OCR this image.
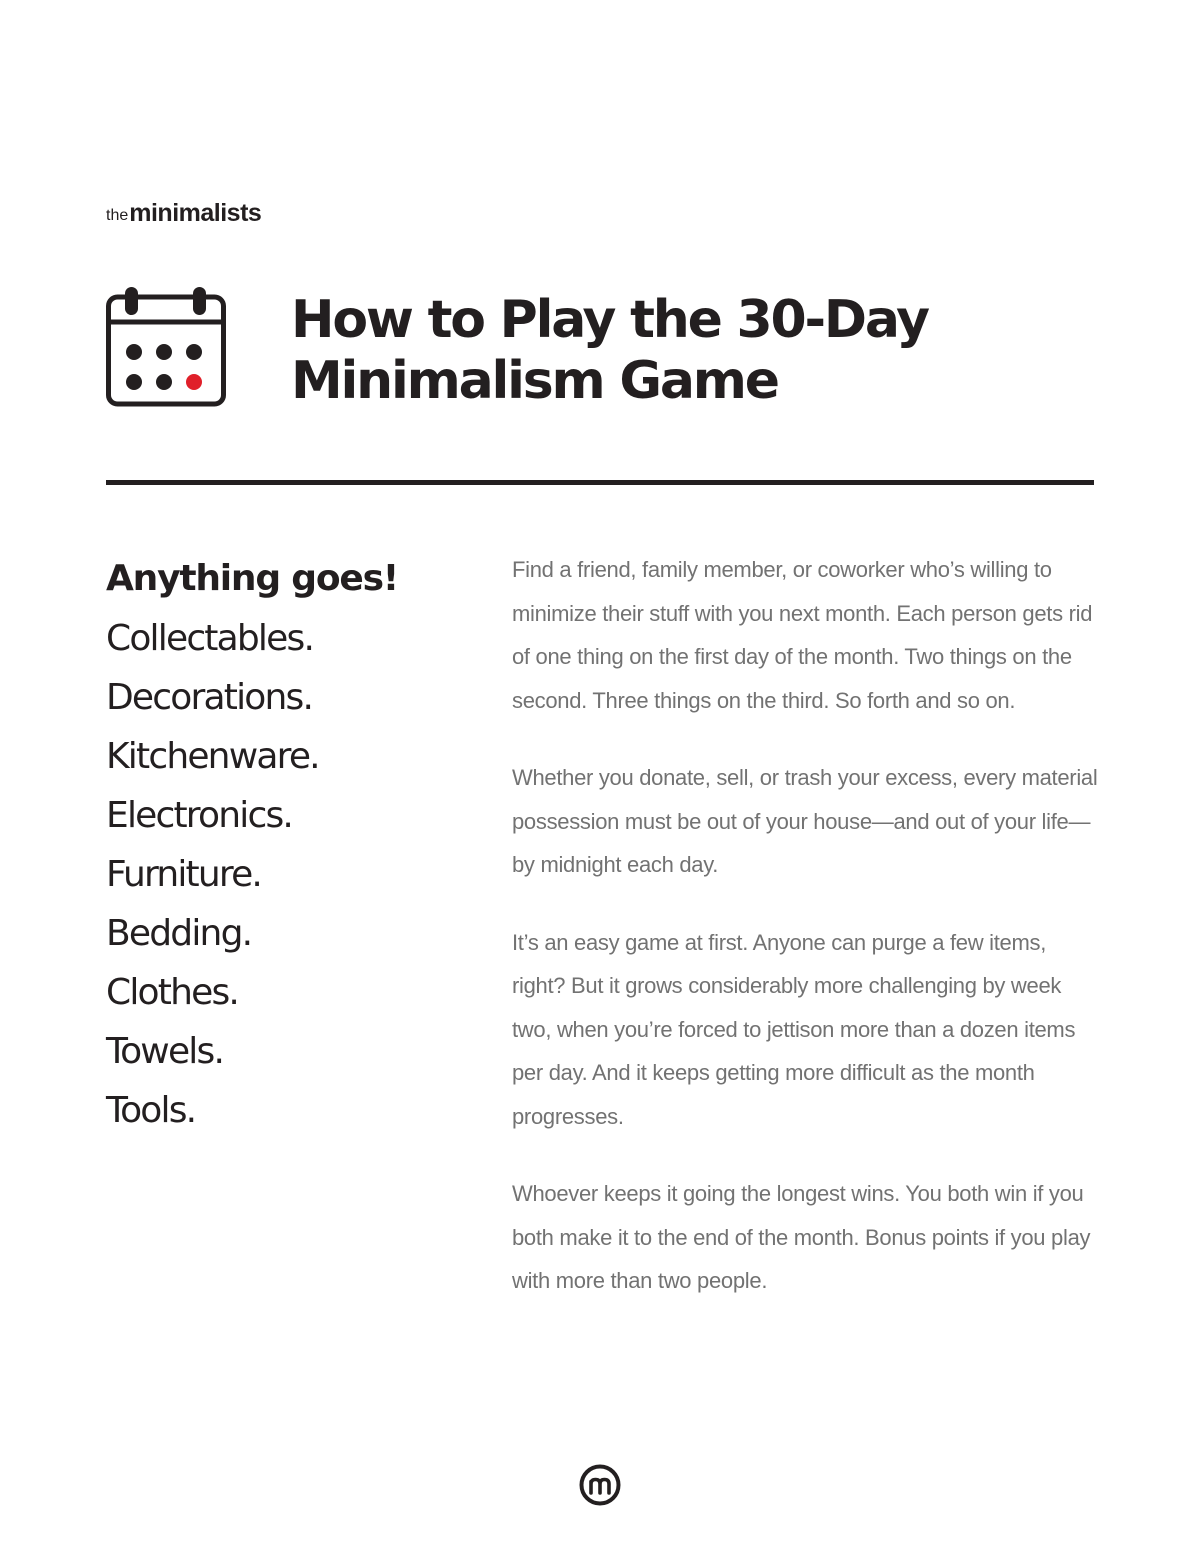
the minimalists
How to Play the 30-Day
Minimalism Game
Anything goes!
Collectables.
Decorations.
Kitchenware.
Electronics.
Furniture.
Bedding.
Clothes.
Towels.
Tools.

Find a friend, family member, or coworker who’s willing to minimize their stuff with you next month. Each person gets rid of one thing on the first day of the month. Two things on the second. Three things on the third. So forth and so on.

Whether you donate, sell, or trash your excess, every material possession must be out of your house—and out of your life—by midnight each day.

It’s an easy game at first. Anyone can purge a few items, right? But it grows considerably more challenging by week two, when you’re forced to jettison more than a dozen items per day. And it keeps getting more difficult as the month progresses.

Whoever keeps it going the longest wins. You both win if you both make it to the end of the month. Bonus points if you play with more than two people.
